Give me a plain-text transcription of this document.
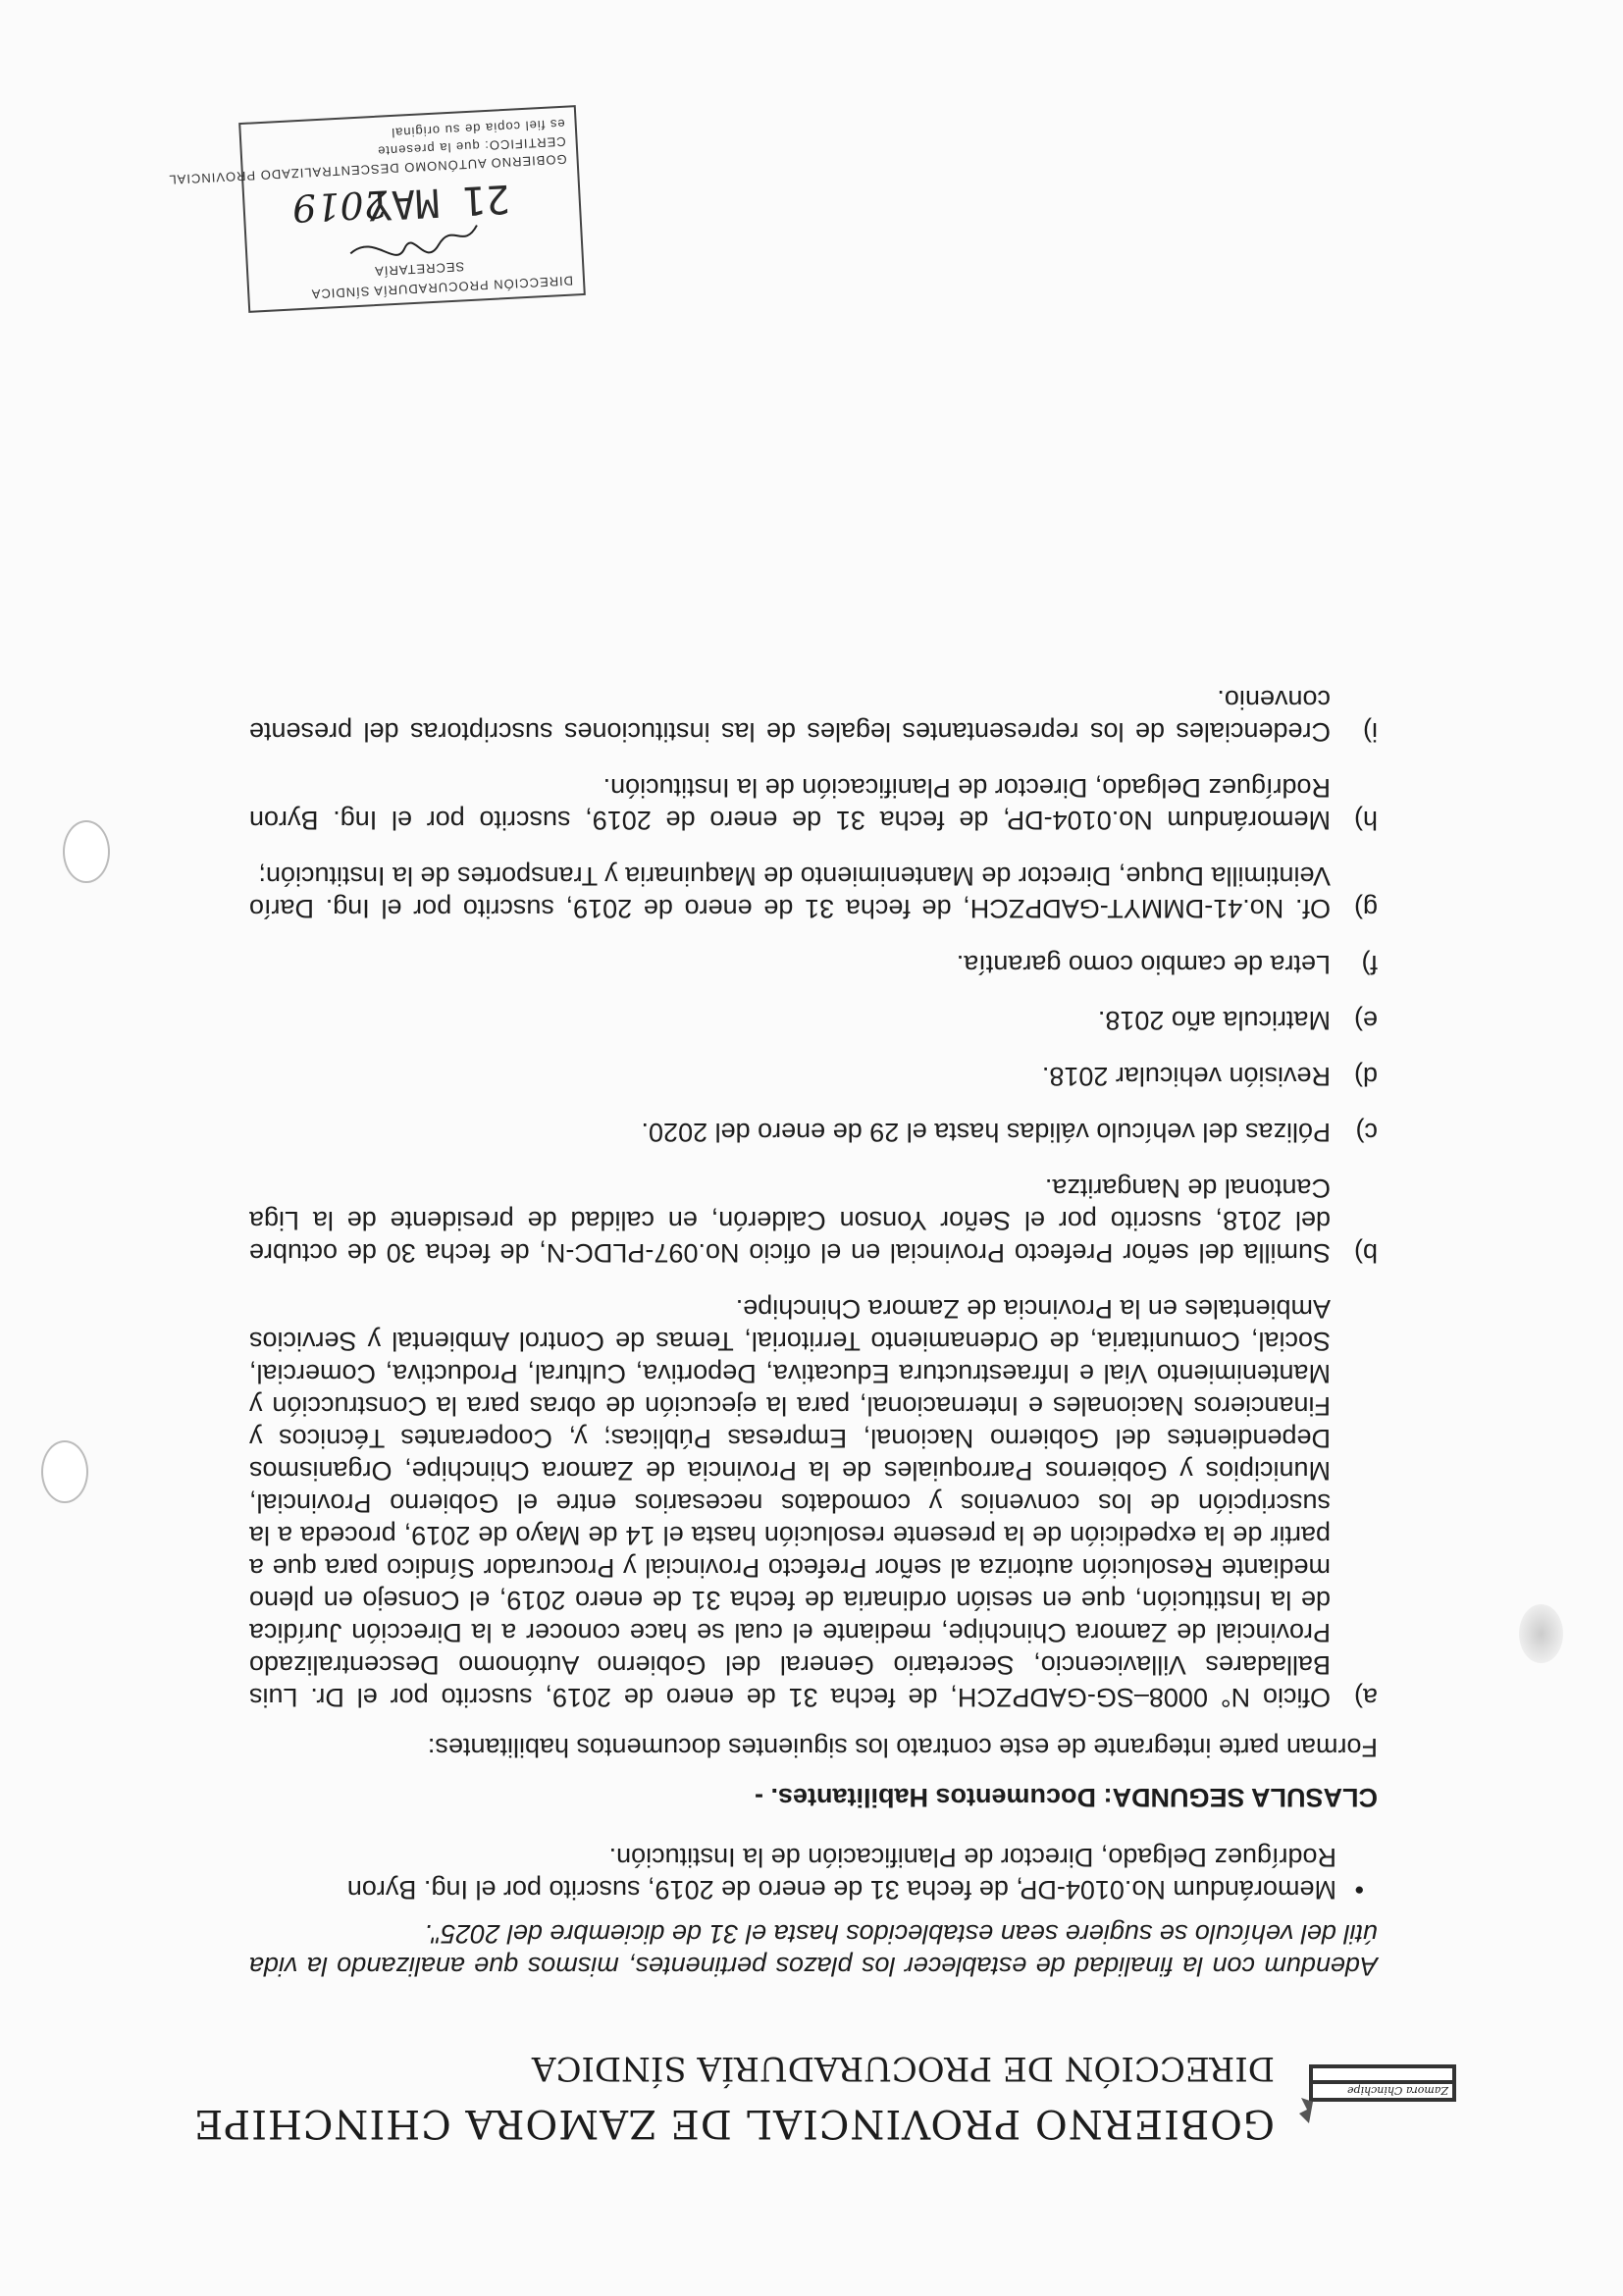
Zamora Chinchipe
GOBIERNO PROVINCIAL DE ZAMORA CHINCHIPE
DIRECCIÓN DE PROCURADURÍA SÍNDICA

Adendum con la finalidad de establecer los plazos pertinentes, mismos que analizando la vida útil del vehículo se sugiere sean establecidos hasta el 31 de diciembre del 2025".

• Memorándum No.0104-DP, de fecha 31 de enero de 2019, suscrito por el Ing. Byron Rodríguez Delgado, Director de Planificación de la Institución.
CLASULA SEGUNDA: Documentos Habilitantes. -
Forman parte integrante de este contrato los siguientes documentos habilitantes:
a)
Oficio N° 0008–SG-GADPZCH, de fecha 31 de enero de 2019, suscrito por el Dr. Luis Balladares Villavicencio, Secretario General del Gobierno Autónomo Descentralizado Provincial de Zamora Chinchipe, mediante el cual se hace conocer a la Dirección Jurídica de la Institución, que en sesión ordinaria de fecha 31 de enero 2019, el Consejo en pleno mediante Resolución autoriza al señor Prefecto Provincial y Procurador Síndico para que a partir de la expedición de la presente resolución hasta el 14 de Mayo de 2019, proceda a la suscripción de los convenios y comodatos necesarios entre el Gobierno Provincial, Municipios y Gobiernos Parroquiales de la Provincia de Zamora Chinchipe, Organismos Dependientes del Gobierno Nacional, Empresas Públicas; y, Cooperantes Técnicos y Financieros Nacionales e Internacional, para la ejecución de obras para la Construcción y Mantenimiento Vial e Infraestructura Educativa, Deportiva, Cultural, Productiva, Comercial, Social, Comunitaria, de Ordenamiento Territorial, Temas de Control Ambiental y Servicios Ambientales en la Provincia de Zamora Chinchipe.
b)
Sumilla del señor Prefecto Provincial en el oficio No.097-PLDC-N, de fecha 30 de octubre del 2018, suscrito por el Señor Yonson Calderón, en calidad de presidente de la Liga Cantonal de Nangaritza.
c)
Pólizas del vehículo válidas hasta el 29 de enero del 2020.
d)
Revisión vehicular 2018.
e)
Matricula año 2018.
f)
Letra de cambio como garantía.
g)
Of. No.41-DMMYT-GADPZCH, de fecha 31 de enero de 2019, suscrito por el Ing. Darío Veintimilla Duque, Director de Mantenimiento de Maquinaria y Transportes de la Institución;
h)
Memorándum No.0104-DP, de fecha 31 de enero de 2019, suscrito por el Ing. Byron Rodríguez Delgado, Director de Planificación de la Institución.
i)
Credenciales de los representantes legales de las instituciones suscriptoras del presente convenio.
DIRECCIÓN PROCURADURÍA SÍNDICA
SECRETARÍA
21 MAY
2019
GOBIERNO AUTÓNOMO DESCENTRALIZADO PROVINCIAL
CERTIFICO: que la presente
es fiel copia de su original
